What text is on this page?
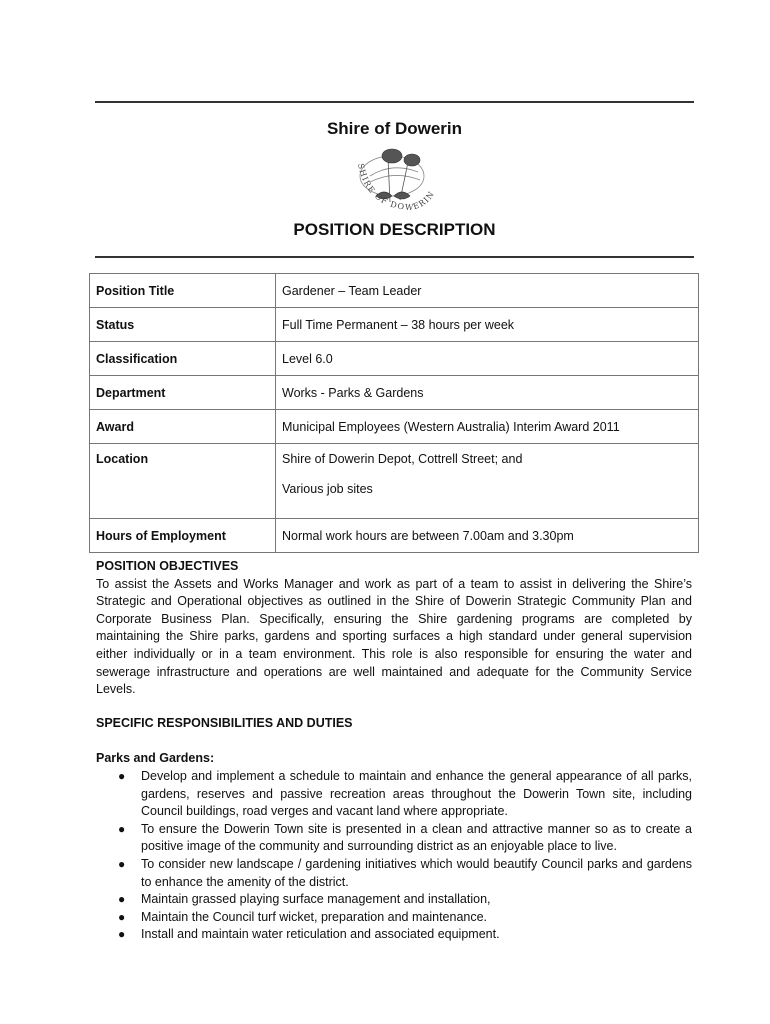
Shire of Dowerin
SHIRE OF DOWERIN
POSITION DESCRIPTION
Position Title	Gardener – Team Leader
Status	Full Time Permanent – 38 hours per week
Classification	Level 6.0
Department	Works - Parks & Gardens
Award	Municipal Employees (Western Australia) Interim Award 2011
Location	Shire of Dowerin Depot, Cottrell Street; and
Various job sites

Hours of Employment	Normal work hours are between 7.00am and 3.30pm
POSITION OBJECTIVES
To assist the Assets and Works Manager and work as part of a team to assist in delivering the Shire’s Strategic and Operational objectives as outlined in the Shire of Dowerin Strategic Community Plan and Corporate Business Plan. Specifically, ensuring the Shire gardening programs are completed by maintaining the Shire parks, gardens and sporting surfaces a high standard under general supervision either individually or in a team environment. This role is also responsible for ensuring the water and sewerage infrastructure and operations are well maintained and adequate for the Community Service Levels.
SPECIFIC RESPONSIBILITIES AND DUTIES
Parks and Gardens:
● Develop and implement a schedule to maintain and enhance the general appearance of all parks, gardens, reserves and passive recreation areas throughout the Dowerin Town site, including Council buildings, road verges and vacant land where appropriate.
● To ensure the Dowerin Town site is presented in a clean and attractive manner so as to create a positive image of the community and surrounding district as an enjoyable place to live.
● To consider new landscape / gardening initiatives which would beautify Council parks and gardens to enhance the amenity of the district.
● Maintain grassed playing surface management and installation,
● Maintain the Council turf wicket, preparation and maintenance.
● Install and maintain water reticulation and associated equipment.
